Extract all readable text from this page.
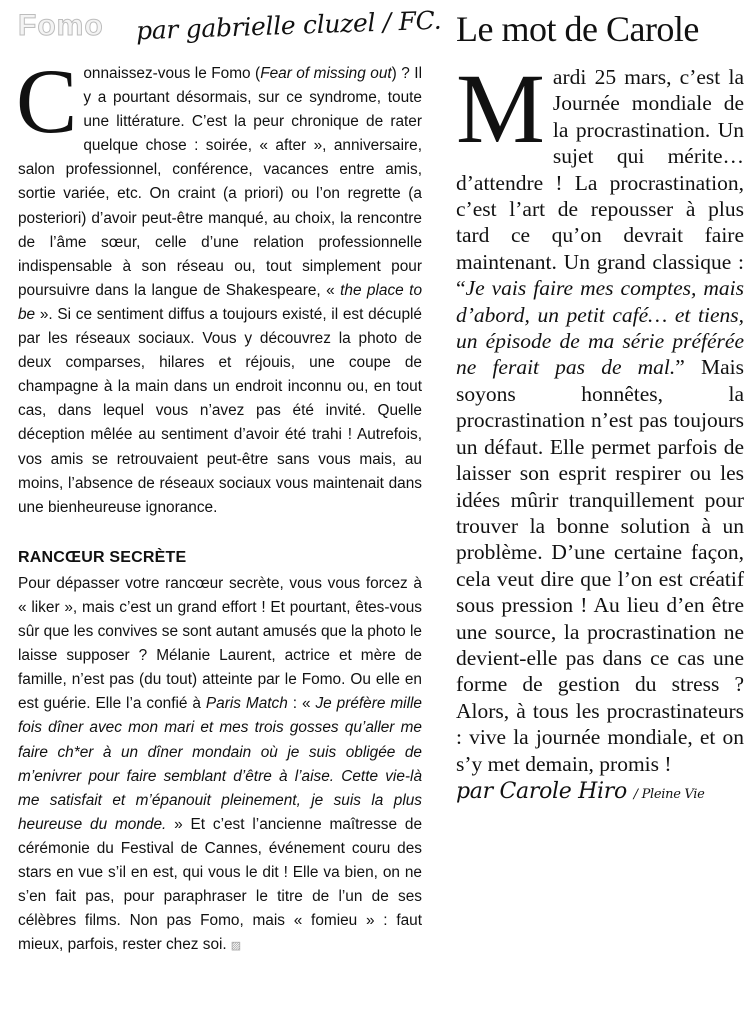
Fomo par gabrielle cluzel / FC.

Connaissez-vous le Fomo (Fear of missing out) ? Il y a pourtant désormais, sur ce syndrome, toute une littérature. C’est la peur chronique de rater quelque chose : soirée, « after », anniversaire, salon professionnel, conférence, vacances entre amis, sortie variée, etc. On craint (a priori) ou l’on regrette (a posteriori) d’avoir peut-être manqué, au choix, la rencontre de l’âme sœur, celle d’une relation professionnelle indispensable à son réseau ou, tout simplement pour poursuivre dans la langue de Shakespeare, « the place to be ». Si ce sentiment diffus a toujours existé, il est décuplé par les réseaux sociaux. Vous y découvrez la photo de deux comparses, hilares et réjouis, une coupe de champagne à la main dans un endroit inconnu ou, en tout cas, dans lequel vous n’avez pas été invité. Quelle déception mêlée au sentiment d’avoir été trahi ! Autrefois, vos amis se retrouvaient peut-être sans vous mais, au moins, l’absence de réseaux sociaux vous maintenait dans une bienheureuse ignorance.

RANCŒUR SECRÈTE

Pour dépasser votre rancœur secrète, vous vous forcez à « liker », mais c’est un grand effort ! Et pourtant, êtes-vous sûr que les convives se sont autant amusés que la photo le laisse supposer ? Mélanie Laurent, actrice et mère de famille, n’est pas (du tout) atteinte par le Fomo. Ou elle en est guérie. Elle l’a confié à Paris Match : « Je préfère mille fois dîner avec mon mari et mes trois gosses qu’aller me faire ch*er à un dîner mondain où je suis obligée de m’enivrer pour faire semblant d’être à l’aise. Cette vie-là me satisfait et m’épanouit pleinement, je suis la plus heureuse du monde. » Et c’est l’ancienne maîtresse de cérémonie du Festival de Cannes, événement couru des stars en vue s’il en est, qui vous le dit ! Elle va bien, on ne s’en fait pas, pour paraphraser le titre de l’un de ses célèbres films. Non pas Fomo, mais « fomieu » : faut mieux, parfois, rester chez soi. ▨

Le mot de Carole

Mardi 25 mars, c’est la Journée mondiale de la procrastination. Un sujet qui mérite… d’attendre ! La procrastination, c’est l’art de repousser à plus tard ce qu’on devrait faire maintenant. Un grand classique : “Je vais faire mes comptes, mais d’abord, un petit café… et tiens, un épisode de ma série préférée ne ferait pas de mal.” Mais soyons honnêtes, la procrastination n’est pas toujours un défaut. Elle permet parfois de laisser son esprit respirer ou les idées mûrir tranquillement pour trouver la bonne solution à un problème. D’une certaine façon, cela veut dire que l’on est créatif sous pression ! Au lieu d’en être une source, la procrastination ne devient-elle pas dans ce cas une forme de gestion du stress ? Alors, à tous les procrastinateurs : vive la journée mondiale, et on s’y met demain, promis !

par Carole Hiro / Pleine Vie
